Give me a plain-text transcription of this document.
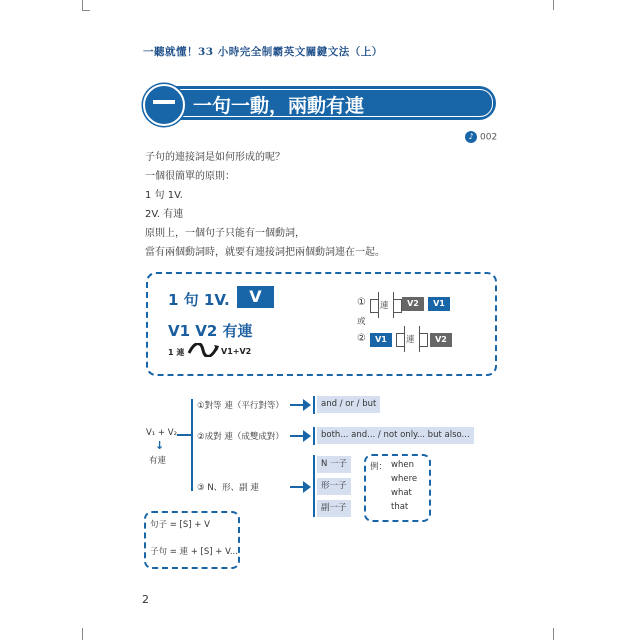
一聽就懂！33 小時完全制霸英文關鍵文法（上）
一句一動，兩動有連
♪ 002
子句的連接詞是如何形成的呢？
一個很簡單的原則：
1 句 1V.
2V. 有連
原則上，一個句子只能有一個動詞，
當有兩個動詞時，就要有連接詞把兩個動詞連在一起。
1 句 1V.	V
V1 V2 有連
1 連	V1+V2
① 連	V2	V1
或
②	V1	連	V2
V₁ + V₂
↓
有連
①對等 連（平行對等）	and / or / but
②成對 連（成雙成對）	both... and... / not only... but also...
③ N、形、副 連
N 一子
形一子
副一子
例： when
where
what
that
句子 = [S] + V
子句 = 連 + [S] + V...
2
